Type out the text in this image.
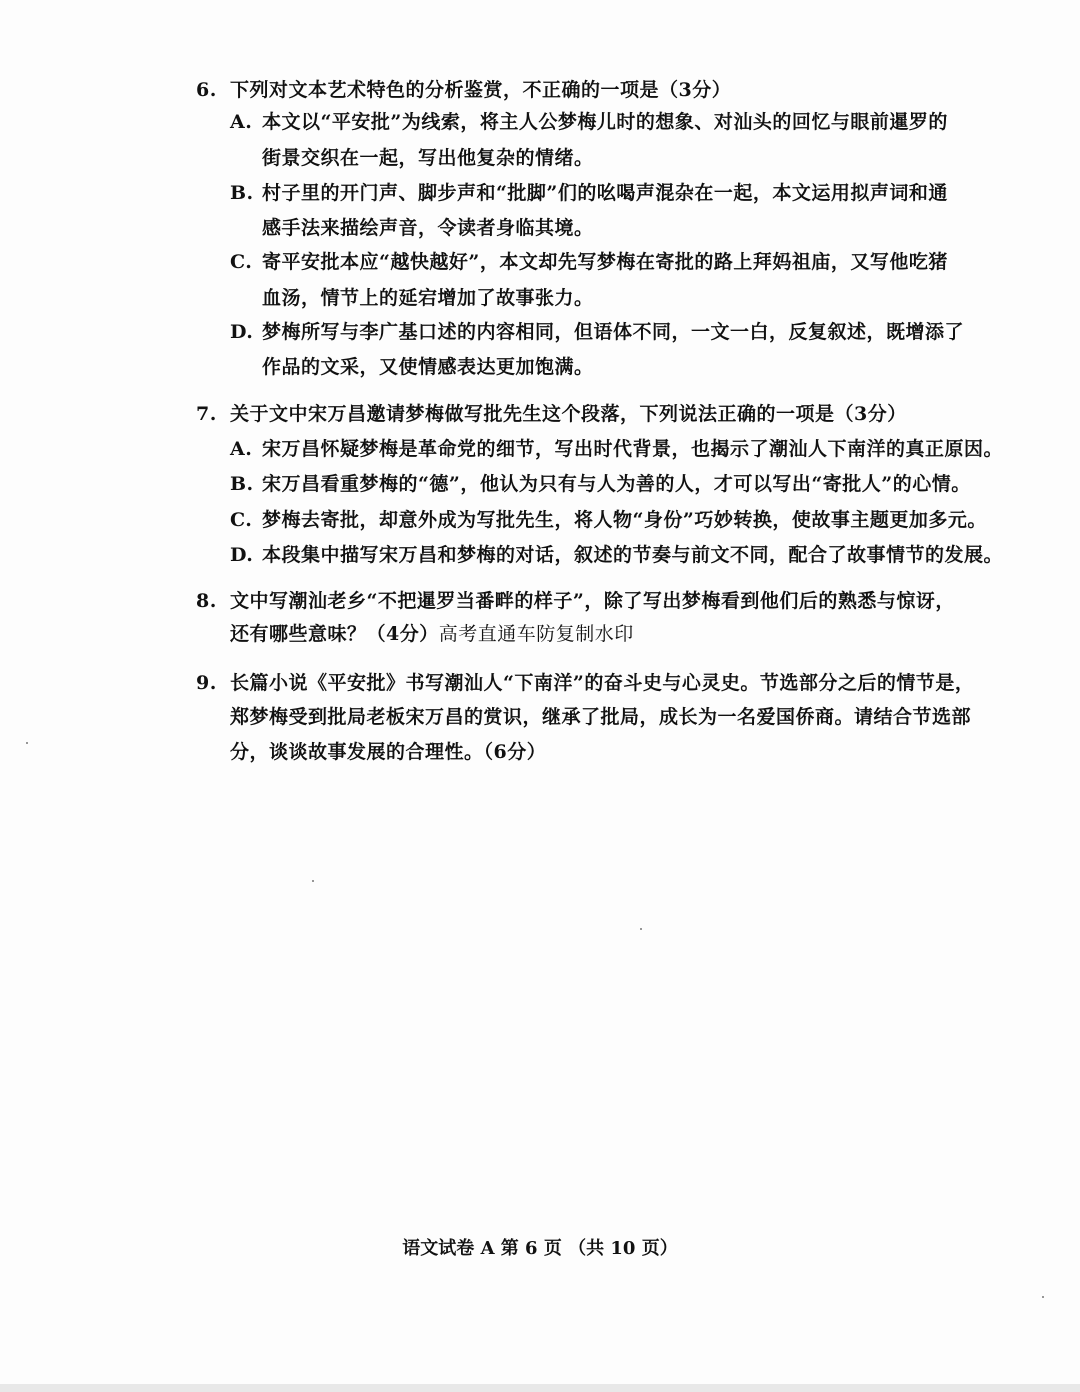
6. 下列对文本艺术特色的分析鉴赏，不正确的一项是（3分）
A. 本文以“平安批”为线索，将主人公梦梅儿时的想象、对汕头的回忆与眼前暹罗的
街景交织在一起，写出他复杂的情绪。
B. 村子里的开门声、脚步声和“批脚”们的吆喝声混杂在一起，本文运用拟声词和通
感手法来描绘声音，令读者身临其境。
C. 寄平安批本应“越快越好”，本文却先写梦梅在寄批的路上拜妈祖庙，又写他吃猪
血汤，情节上的延宕增加了故事张力。
D. 梦梅所写与李广基口述的内容相同，但语体不同，一文一白，反复叙述，既增添了
作品的文采，又使情感表达更加饱满。
7. 关于文中宋万昌邀请梦梅做写批先生这个段落，下列说法正确的一项是（3分）
A. 宋万昌怀疑梦梅是革命党的细节，写出时代背景，也揭示了潮汕人下南洋的真正原因。
B. 宋万昌看重梦梅的“德”，他认为只有与人为善的人，才可以写出“寄批人”的心情。
C. 梦梅去寄批，却意外成为写批先生，将人物“身份”巧妙转换，使故事主题更加多元。
D. 本段集中描写宋万昌和梦梅的对话，叙述的节奏与前文不同，配合了故事情节的发展。
8. 文中写潮汕老乡“不把暹罗当番畔的样子”，除了写出梦梅看到他们后的熟悉与惊讶，
还有哪些意味？（4分）高考直通车防复制水印
9. 长篇小说《平安批》书写潮汕人“下南洋”的奋斗史与心灵史。节选部分之后的情节是，
郑梦梅受到批局老板宋万昌的赏识，继承了批局，成长为一名爱国侨商。请结合节选部
分，谈谈故事发展的合理性。（6分）
语文试卷 A 第 6 页 （共 10 页）
